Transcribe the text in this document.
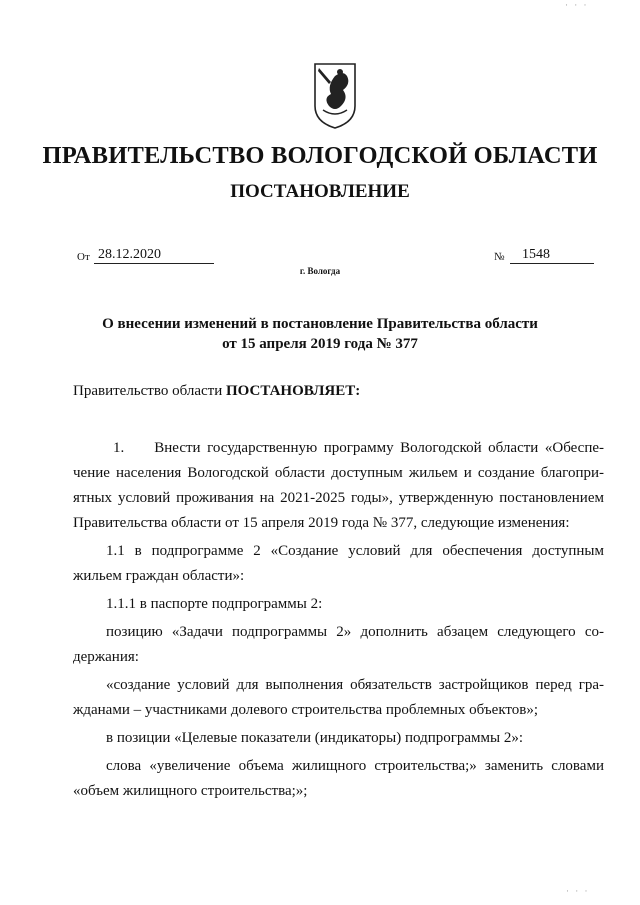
· · ·
ПРАВИТЕЛЬСТВО ВОЛОГОДСКОЙ ОБЛАСТИ
ПОСТАНОВЛЕНИЕ
От 28.12.2020	№	1548
г. Вологда
О внесении изменений в постановление Правительства области
от 15 апреля 2019 года № 377
Правительство области ПОСТАНОВЛЯЕТ:

1. Внести государственную программу Вологодской области «Обеспе-чение населения Вологодской области доступным жильем и создание благопри-ятных условий проживания на 2021-2025 годы», утвержденную постановлением Правительства области от 15 апреля 2019 года № 377, следующие изменения:

1.1 в подпрограмме 2 «Создание условий для обеспечения доступным жильем граждан области»:

1.1.1 в паспорте подпрограммы 2:

позицию «Задачи подпрограммы 2» дополнить абзацем следующего со-держания:

«создание условий для выполнения обязательств застройщиков перед гра-жданами – участниками долевого строительства проблемных объектов»;

в позиции «Целевые показатели (индикаторы) подпрограммы 2»:

слова «увеличение объема жилищного строительства;» заменить словами «объем жилищного строительства;»;

· · ·
